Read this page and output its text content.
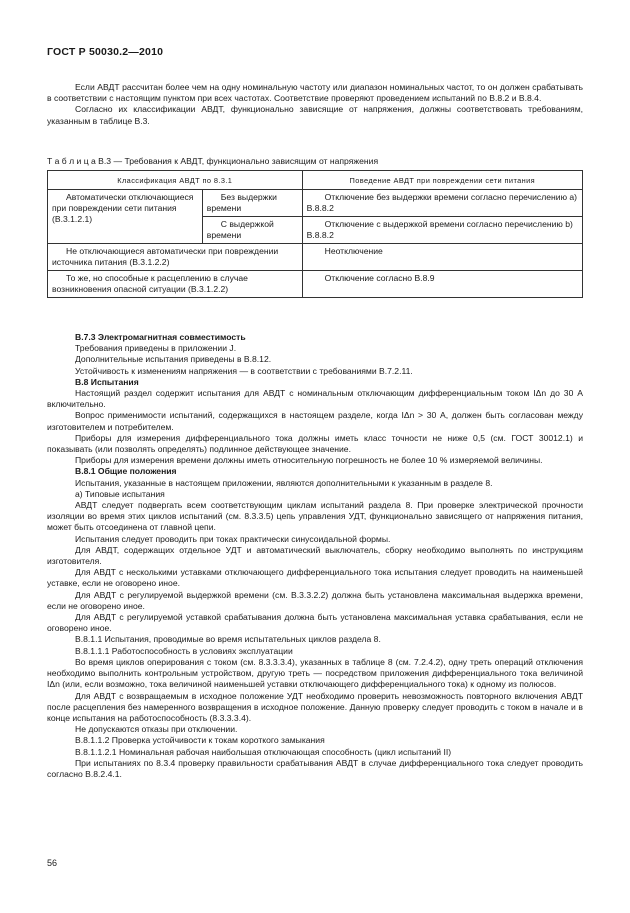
ГОСТ Р 50030.2—2010

Если АВДТ рассчитан более чем на одну номинальную частоту или диапазон номинальных частот, то он должен срабатывать в соответствии с настоящим пунктом при всех частотах. Соответствие проверяют проведением испытаний по B.8.2 и B.8.4.

Согласно их классификации АВДТ, функционально зависящие от напряжения, должны соответствовать требованиям, указанным в таблице B.3.

Т а б л и ц а B.3 — Требования к АВДТ, функционально зависящим от напряжения
Классификация АВДТ по 8.3.1		Поведение АВДТ при повреждении сети питания
Автоматически отключающиеся при повреждении сети питания (B.3.1.2.1)	Без выдержки времени	Отключение без выдержки времени согласно перечислению a) B.8.8.2
	С выдержкой времени	Отключение с выдержкой времени согласно перечислению b) B.8.8.2
Не отключающиеся автоматически при повреждении источника питания (B.3.1.2.2)		Неотключение
То же, но способные к расцеплению в случае возникновения опасной ситуации (B.3.1.2.2)		Отключение согласно B.8.9

B.7.3 Электромагнитная совместимость

Требования приведены в приложении J.

Дополнительные испытания приведены в B.8.12.

Устойчивость к изменениям напряжения — в соответствии с требованиями B.7.2.11.

B.8 Испытания

Настоящий раздел содержит испытания для АВДТ с номинальным отключающим дифференциальным током IΔn до 30 А включительно.

Вопрос применимости испытаний, содержащихся в настоящем разделе, когда IΔn > 30 А, должен быть согласован между изготовителем и потребителем.

Приборы для измерения дифференциального тока должны иметь класс точности не ниже 0,5 (см. ГОСТ 30012.1) и показывать (или позволять определять) подлинное действующее значение.

Приборы для измерения времени должны иметь относительную погрешность не более 10 % измеряемой величины.

B.8.1 Общие положения

Испытания, указанные в настоящем приложении, являются дополнительными к указанным в разделе 8.

a) Типовые испытания

АВДТ следует подвергать всем соответствующим циклам испытаний раздела 8. При проверке электрической прочности изоляции во время этих циклов испытаний (см. 8.3.3.5) цепь управления УДТ, функционально зависящего от напряжения питания, может быть отсоединена от главной цепи.

Испытания следует проводить при токах практически синусоидальной формы.

Для АВДТ, содержащих отдельное УДТ и автоматический выключатель, сборку необходимо выполнять по инструкциям изготовителя.

Для АВДТ с несколькими уставками отключающего дифференциального тока испытания следует проводить на наименьшей уставке, если не оговорено иное.

Для АВДТ с регулируемой выдержкой времени (см. B.3.3.2.2) должна быть установлена максимальная выдержка времени, если не оговорено иное.

Для АВДТ с регулируемой уставкой срабатывания должна быть установлена максимальная уставка срабатывания, если не оговорено иное.

B.8.1.1 Испытания, проводимые во время испытательных циклов раздела 8.

B.8.1.1.1 Работоспособность в условиях эксплуатации

Во время циклов оперирования с током (см. 8.3.3.3.4), указанных в таблице 8 (см. 7.2.4.2), одну треть операций отключения необходимо выполнить контрольным устройством, другую треть — посредством приложения дифференциального тока величиной IΔn (или, если возможно, тока величиной наименьшей уставки отключающего дифференциального тока) к одному из полюсов.

Для АВДТ с возвращаемым в исходное положение УДТ необходимо проверить невозможность повторного включения АВДТ после расцепления без намеренного возвращения в исходное положение. Данную проверку следует проводить с током в начале и в конце испытания на работоспособность (8.3.3.3.4).

Не допускаются отказы при отключении.

B.8.1.1.2 Проверка устойчивости к токам короткого замыкания

B.8.1.1.2.1 Номинальная рабочая наибольшая отключающая способность (цикл испытаний II)

При испытаниях по 8.3.4 проверку правильности срабатывания АВДТ в случае дифференциального тока следует проводить согласно B.8.2.4.1.

56
